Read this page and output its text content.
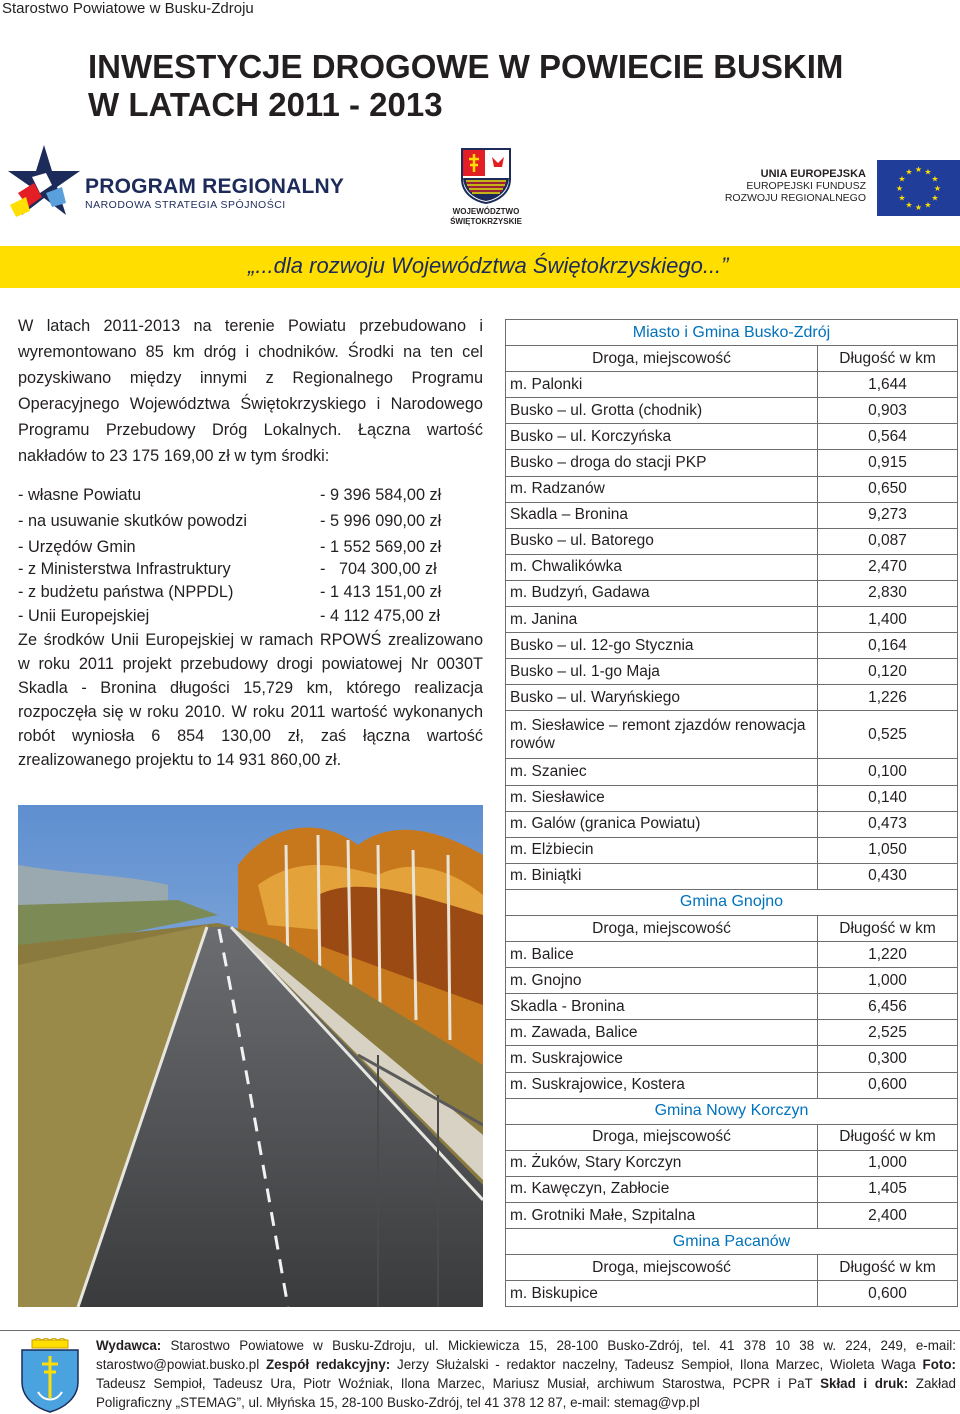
Starostwo Powiatowe w Busku-Zdroju
INWESTYCJE DROGOWE W POWIECIE BUSKIM
W LATACH 2011 - 2013
PROGRAM REGIONALNY
NARODOWA STRATEGIA SPÓJNOŚCI
WOJEWÓDZTWO
ŚWIĘTOKRZYSKIE
UNIA EUROPEJSKA
EUROPEJSKI FUNDUSZ
ROZWOJU REGIONALNEGO
★ ★
★
★
★
★
★
★
★
★
★
★
„...dla rozwoju Województwa Świętokrzyskiego...”

W latach 2011-2013 na terenie Powiatu przebudowano i wyremontowano 85 km dróg i chodników. Środki na ten cel pozyskiwano między innymi z Regionalnego Programu Operacyjnego Województwa Świętokrzyskiego i Narodowego Programu Przebudowy Dróg Lokalnych. Łączna wartość nakładów to 23 175 169,00 zł w tym środki:

- własne Powiatu	- 9 396 584,00 zł
- na usuwanie skutków powodzi	- 5 996 090,00 zł
- Urzędów Gmin	- 1 552 569,00 zł
- z Ministerstwa Infrastruktury	-   704 300,00 zł
- z budżetu państwa (NPPDL)	- 1 413 151,00 zł
- Unii Europejskiej	- 4 112 475,00 zł
Ze środków Unii Europejskiej w ramach RPOWŚ zrealizowano w roku 2011 projekt przebudowy drogi powiatowej Nr 0030T Skadla - Bronina długości 15,729 km, którego realizacja rozpoczęła się w roku 2010. W roku 2011 wartość wykonanych robót wyniosła 6 854 130,00 zł, zaś łączna wartość zrealizowanego projektu to 14 931 860,00 zł.
Miasto i Gmina Busko-Zdrój	
Droga, miejscowość	Długość w km
m. Palonki	1,644
Busko – ul. Grotta (chodnik)	0,903
Busko – ul. Korczyńska	0,564
Busko – droga do stacji PKP	0,915
m. Radzanów	0,650
Skadla – Bronina	9,273
Busko – ul. Batorego	0,087
m. Chwalikówka	2,470
m. Budzyń, Gadawa	2,830
m. Janina	1,400
Busko – ul. 12-go Stycznia	0,164
Busko – ul. 1-go Maja	0,120
Busko – ul. Waryńskiego	1,226
m. Siesławice – remont zjazdów renowacja rowów	0,525
m. Szaniec	0,100
m. Siesławice	0,140
m. Galów (granica Powiatu)	0,473
m. Elżbiecin	1,050
m. Biniątki	0,430
Gmina Gnojno	
Droga, miejscowość	Długość w km
m. Balice	1,220
m. Gnojno	1,000
Skadla - Bronina	6,456
m. Zawada, Balice	2,525
m. Suskrajowice	0,300
m. Suskrajowice, Kostera	0,600
Gmina Nowy Korczyn	
Droga, miejscowość	Długość w km
m. Żuków, Stary Korczyn	1,000
m. Kawęczyn, Zabłocie	1,405
m. Grotniki Małe, Szpitalna	2,400
Gmina Pacanów	
Droga, miejscowość	Długość w km
m. Biskupice	0,600
Wydawca: Starostwo Powiatowe w Busku-Zdroju, ul. Mickiewicza 15, 28-100 Busko-Zdrój, tel. 41 378 10 38 w. 224, 249, e-mail: starostwo@powiat.busko.pl Zespół redakcyjny: Jerzy Służalski - redaktor naczelny, Tadeusz Sempioł, Ilona Marzec, Wioleta Waga Foto: Tadeusz Sempioł, Tadeusz Ura, Piotr Woźniak, Ilona Marzec, Mariusz Musiał, archiwum Starostwa, PCPR i PaT Skład i druk: Zakład Poligraficzny „STEMAG”, ul. Młyńska 15, 28-100 Busko-Zdrój, tel 41 378 12 87, e-mail: stemag@vp.pl
